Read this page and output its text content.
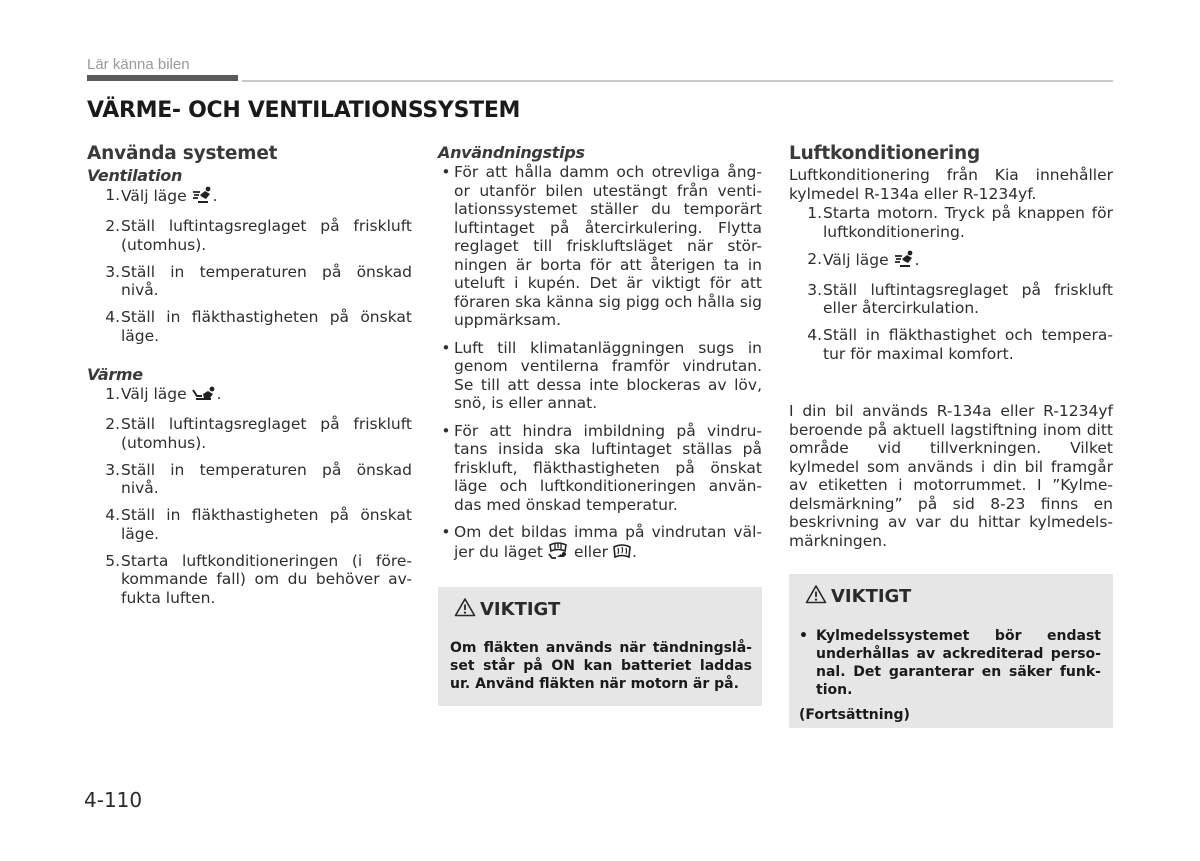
Lär känna bilen
VÄRME- OCH VENTILATIONSSYSTEM
Använda systemet
Ventilation
1. Välj läge .
2. Ställ luftintagsreglaget på friskluft (utomhus).
3. Ställ in temperaturen på önskad nivå.
4. Ställ in fläkthastigheten på önskat läge.
Värme
1. Välj läge .
2. Ställ luftintagsreglaget på friskluft (utomhus).
3. Ställ in temperaturen på önskad nivå.
4. Ställ in fläkthastigheten på önskat läge.
5. Starta luftkonditioneringen (i före-kommande fall) om du behöver av-fukta luften.
Användningstips
• För att hålla damm och otrevliga ång-or utanför bilen utestängt från venti-lationssystemet ställer du temporärt luftintaget på återcirkulering. Flytta reglaget till friskluftsläget när stör-ningen är borta för att återigen ta in uteluft i kupén. Det är viktigt för att föraren ska känna sig pigg och hålla sig uppmärksam.
• Luft till klimatanläggningen sugs in genom ventilerna framför vindrutan. Se till att dessa inte blockeras av löv, snö, is eller annat.
• För att hindra imbildning på vindru-tans insida ska luftintaget ställas på friskluft, fläkthastigheten på önskat läge och luftkonditioneringen använ-das med önskad temperatur.
• Om det bildas imma på vindrutan väl-jer du läget eller .
VIKTIGT
Om fläkten används när tändningslå-set står på ON kan batteriet laddas ur. Använd fläkten när motorn är på.
Luftkonditionering

Luftkonditionering från Kia innehåller kylmedel R-134a eller R-1234yf.

1. Starta motorn. Tryck på knappen för luftkonditionering.
2. Välj läge .
3. Ställ luftintagsreglaget på friskluft eller återcirkulation.
4. Ställ in fläkthastighet och tempera-tur för maximal komfort.

I din bil används R-134a eller R-1234yf beroende på aktuell lagstiftning inom ditt område vid tillverkningen. Vilket kylmedel som används i din bil framgår av etiketten i motorrummet. I ”Kylme-delsmärkning” på sid 8-23 finns en beskrivning av var du hittar kylmedels-märkningen.

VIKTIGT
• Kylmedelssystemet bör endast underhållas av ackrediterad perso-nal. Det garanterar en säker funk-tion.
(Fortsättning)
4-110
